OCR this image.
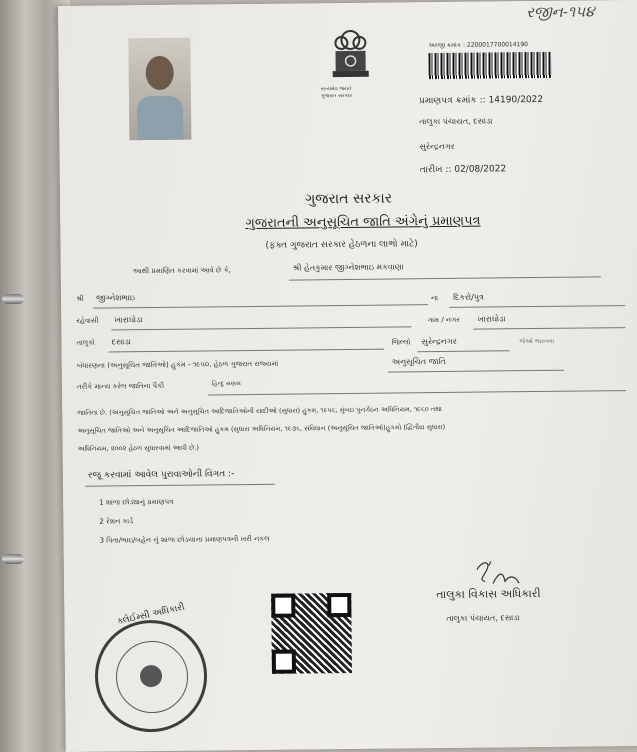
રજીન-૧૫૪
સત્યમેવ જયતે
ગુજરાત સરકાર
અરજી ક્રમાંક : 2200017700014190
પ્રમાણપત્ર ક્રમાંક :: 14190/2022
તાલુકા પંચાયત, દસાડા
સુરેન્દ્રનગર
તારીખ :: 02/08/2022
ગુજરાત સરકાર
ગુજરાતની અનુસૂચિત જાતિ અંગેનું પ્રમાણપત્ર
(ફક્ત ગુજરાત સરકાર હેઠળના લાભો માટે)
આથી પ્રમાણિત કરવામાં આવે છે કે,	શ્રી હેતકુમાર જીગ્નેશભાઇ મકવાણા
શ્રી જીગ્નેશભાઇ	ના દિકરો/પુત્ર
રહેવાસી ખારાઘોડા	ગામ / નગર ખારાઘોડા
તાલુકો દસાડા	જિલ્લો સુરેન્દ્રનગર	જેઓ ભારતના
બંધારણના (અનુસૂચિત જાતિઓ) હુકમ - ૧૯૫૦, હેઠળ ગુજરાત રાજ્યમાં	અનુસૂચિત જાતિ
તરીકે માન્ય કરેલ જાતિના પૈકી	હિન્દુ સણસ
જાતિના છે. (અનુસૂચિત જાતિઓ અને અનુસૂચિત આદિજાતિઓની યાદીઓ (સુધારા) હુકમ, ૧૯૫૬, મુંબઇ પુનર્ગઠન અધિનિયમ, ૧૯૬૦ તથા
અનુસૂચિત જાતિઓ અને અનુસૂચિત આદિજાતિઓ હુકમ (સુધારા અધિનિયમ, ૧૯૭૬, સંવિધાન (અનુસૂચિત જાતિઓ)હુકમો (દ્વિતીય સુધારા)
અધિનિયમ, ૨૦૦૨ હેઠળ સુધારવામાં આવી છે.)
રજૂ કરવામાં આવેલ પુરાવાઓની વિગત :-
1 શાળા છોડ્યાનું પ્રમાણપત્ર
2 રેશન કાર્ડ
3 પિતા/ભાઇ/બહેન નું શાળા છોડયાના પ્રમાણપત્રની ખરી નકલ
તાલુકા વિકાસ અધિકારી
તાલુકા પંચાયત, દસાડા
ક્લેઈમ્સી અધિકારી
